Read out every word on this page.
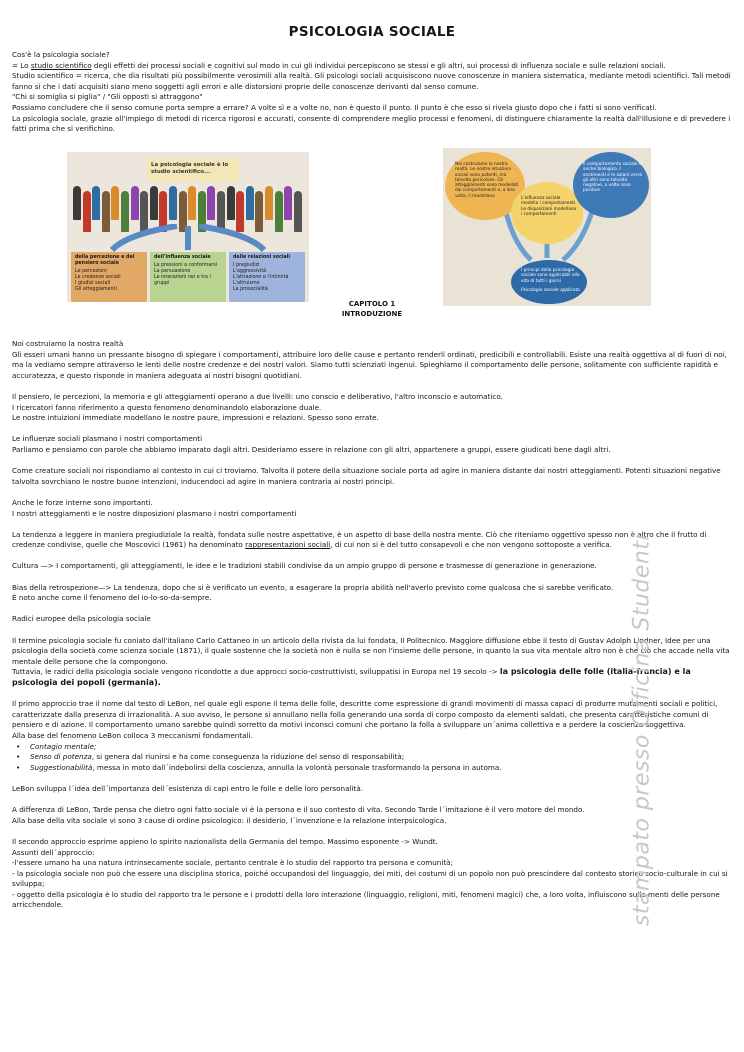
PSICOLOGIA SOCIALE

Cos'è la psicologia sociale?

= Lo studio scientifico degli effetti dei processi sociali e cognitivi sul modo in cui gli individui percepiscono se stessi e gli altri, sui processi di influenza sociale e sulle relazioni sociali.

Studio scientifico = ricerca, che dia risultati più possibilmente verosimili alla realtà. Gli psicologi sociali acquisiscono nuove conoscenze in maniera sistematica, mediante metodi scientifici. Tali metodi fanno sì che i dati acquisiti siano meno soggetti agli errori e alle distorsioni proprie delle conoscenze derivanti dal senso comune.

"Chi si somiglia si piglia" / "Gli opposti si attraggono"

Possiamo concludere che il senso comune porta sempre a errare? A volte sì e a volte no, non è questo il punto. Il punto è che esso si rivela giusto dopo che i fatti si sono verificati.

La psicologia sociale, grazie all'impiego di metodi di ricerca rigorosi e accurati, consente di comprendere meglio processi e fenomeni, di distinguere chiaramente la realtà dall'illusione e di prevedere i fatti prima che si verifichino.

La psicologia sociale è lo studio scientifico...
della percezione e del pensiero sociale
Le percezioni
Le credenze sociali
I giudizi sociali
Gli atteggiamenti
dell'influenza sociale
Le pressioni a conformarsi
La persuasione
Le interazioni nei e tra i gruppi
delle relazioni sociali
I pregiudizi
L'aggressività
L'attrazione e l'intimità
L'altruismo
La prosocialità
Noi costruiamo la nostra realtà. Le nostre intuizioni sociali sono potenti, ma talvolta pericolose. Gli atteggiamenti sono modellati dai comportamenti e, a loro volta, li modellano	L'influenza sociale modella i comportamenti. Le disposizioni modellano i comportamenti
Il comportamento sociale è anche biologico. I sentimenti e le azioni verso gli altri sono talvolta negative, a volte sono positive
I principi della psicologia sociale sono applicabili alla vita di tutti i giorni
Psicologia sociale applicata
CAPITOLO 1
INTRODUZIONE

Noi costruiamo la nostra realtà

Gli esseri umani hanno un pressante bisogno di spiegare i comportamenti, attribuire loro delle cause e pertanto renderli ordinati, predicibili e controllabili. Esiste una realtà oggettiva al di fuori di noi, ma la vediamo sempre attraverso le lenti delle nostre credenze e dei nostri valori. Siamo tutti scienziati ingenui. Spieghiamo il comportamento delle persone, solitamente con sufficiente rapidità e accuratezza, e questo risponde in maniera adeguata ai nostri bisogni quotidiani.

Il pensiero, le percezioni, la memoria e gli atteggiamenti operano a due livelli: uno conscio e deliberativo, l'altro inconscio e automatico.

I ricercatori fanno riferimento a questo fenomeno denominandolo elaborazione duale.

Le nostre intuizioni immediate modellano le nostre paure, impressioni e relazioni. Spesso sono errate.

Le influenze sociali plasmano i nostri comportamenti

Parliamo e pensiamo con parole che abbiamo imparato dagli altri. Desideriamo essere in relazione con gli altri, appartenere a gruppi, essere giudicati bene dagli altri.

Come creature sociali noi rispondiamo al contesto in cui ci troviamo. Talvolta il potere della situazione sociale porta ad agire in maniera distante dai nostri atteggiamenti. Potenti situazioni negative talvolta sovrchiano le nostre buone intenzioni, inducendoci ad agire in maniera contraria ai nostri principi.

Anche le forze interne sono importanti.

I nostri atteggiamenti e le nostre disposizioni plasmano i nostri comportamenti

La tendenza a leggere in maniera pregiudiziale la realtà, fondata sulle nostre aspettative, è un aspetto di base della nostra mente. Ciò che riteniamo oggettivo spesso non è altro che il frutto di credenze condivise, quelle che Moscovici (1961) ha denominato rappresentazioni sociali, di cui non si è del tutto consapevoli e che non vengono sottoposte a verifica.

Cultura —> I comportamenti, gli atteggiamenti, le idee e le tradizioni stabili condivise da un ampio gruppo di persone e trasmesse di generazione in generazione.

Bias della retrospezione—> La tendenza, dopo che si è verificato un evento, a esagerare la propria abilità nell'averlo previsto come qualcosa che si sarebbe verificato.

È noto anche come il fenomeno del io-lo-so-da-sempre.

Radici europee della psicologia sociale

Il termine psicologia sociale fu coniato dall'italiano Carlo Cattaneo in un articolo della rivista da lui fondata, Il Politecnico. Maggiore diffusione ebbe il testo di Gustav Adolph Lindner, Idee per una psicologia della società come scienza sociale (1871), il quale sostenne che la società non è nulla se non l'insieme delle persone, in quanto la sua vita mentale altro non è che ciò che accade nella vita mentale delle persone che la compongono.

Tuttavia, le radici della psicologia sociale vengono ricondotte a due approcci socio-costruttivisti, sviluppatisi in Europa nel 19 secolo -> la psicologia delle folle (italia-francia) e la psicologia dei popoli (germania).

Il primo approccio trae il nome dal testo di LeBon, nel quale egli espone il tema delle folle, descritte come espressione di grandi movimenti di massa capaci di produrre mutamenti sociali e politici, caratterizzate dalla presenza di irrazionalità. A suo avviso, le persone si annullano nella folla generando una sorda di corpo composto da elementi saldati, che presenta caratteristiche comuni di pensiero e di azione. Il comportamento umano sarebbe quindi sorretto da motivi inconsci comuni che portano la folla a sviluppare un´anima collettiva e a perdere la coscienza soggettiva.

Alla base del fenomeno LeBon colloca 3 meccanismi fondamentali.

• Contagio mentale;
• Senso di potenza, si genera dal riunirsi e ha come conseguenza la riduzione del senso di responsabilità;
• Suggestionabilità, messa in moto dall´indebolirsi della coscienza, annulla la volontà personale trasformando la persona in automa.

LeBon sviluppa l´idea dell´importanza dell´esistenza di capi entro le folle e delle loro personalità.

A differenza di LeBon, Tarde pensa che dietro ogni fatto sociale vi è la persona e il suo contesto di vita. Secondo Tarde l´imitazione è il vero motore del mondo.

Alla base della vita sociale vi sono 3 cause di ordine psicologico: il desiderio, l´invenzione e la relazione interpsicologica.

Il secondo approccio esprime appieno lo spirito nazionalista della Germania del tempo. Massimo esponente -> Wundt.

Assunti dell´approccio:

-l'essere umano ha una natura intrinsecamente sociale, pertanto centrale è lo studio del rapporto tra persona e comunità;

- la psicologia sociale non può che essere una disciplina storica, poiché occupandosi del linguaggio, dei miti, dei costumi di un popolo non può prescindere dal contesto storico socio-culturale in cui si sviluppa;

- oggetto della psicologia è lo studio del rapporto tra le persone e i prodotti della loro interazione (linguaggio, religioni, miti, fenomeni magici) che, a loro volta, influiscono sulle menti delle persone arricchendole.	stampato presso Officina Studenti
